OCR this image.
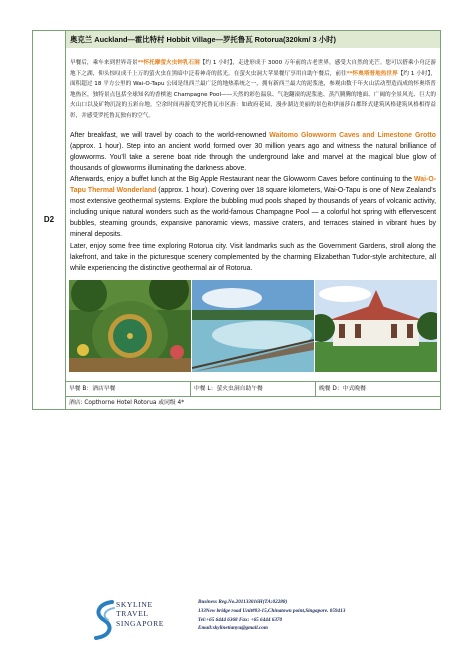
D2	
奥克兰 Auckland—霍比特村 Hobbit Village—罗托鲁瓦 Rotorua(320km/ 3 小时)

早餐后，乘车来到世界奇景**怀托摩萤火虫钟乳石洞【约 1 小时】，走进形成于 3000 万年前的古老世界，感受大自然的光芒。您可以搭乘小舟泛游地下之湖，仰头惊叹成千上万的萤火虫在黑暗中泛着神奇的蓝光。在萤火虫洞大苹果餐厅享用自助午餐后，前往**怀奥塔普地热世界【约 1 小时】，面积超过 18 平方公里的 Wai-O-Tapu 公园是纽西兰最广泛的地热系统之一，拥有新西兰最大的泥浆池，参观由数千年火山活动塑造而成的怀奥塔普地热区，独特景点包括全球知名的香槟池 Champagne Pool——天然的彩色温泉、气泡翻滚的泥浆池、蒸汽腾腾的地面、广阔的全景风光、巨大的火山口以及矿物沉淀的五彩台地。空余时间再游览罗托鲁瓦市区游：如政府花园，漫步湖边美丽的景色和伊丽莎白都铎式建筑风格建筑风格相得益彰，并感受罗托鲁瓦独有的空气。

After breakfast, we will travel by coach to the world-renowned Waitomo Glowworm Caves and Limestone Grotto (approx. 1 hour). Step into an ancient world formed over 30 million years ago and witness the natural brilliance of glowworms. You’ll take a serene boat ride through the underground lake and marvel at the magical blue glow of thousands of glowworms illuminating the darkness above.

Afterwards, enjoy a buffet lunch at the Big Apple Restaurant near the Glowworm Caves before continuing to the Wai-O-Tapu Thermal Wonderland (approx. 1 hour). Covering over 18 square kilometers, Wai-O-Tapu is one of New Zealand’s most extensive geothermal systems. Explore the bubbling mud pools shaped by thousands of years of volcanic activity, including unique natural wonders such as the world-famous Champagne Pool — a colorful hot spring with effervescent bubbles, steaming grounds, expansive panoramic views, massive craters, and terraces stained in vibrant hues by mineral deposits.

Later, enjoy some free time exploring Rotorua city. Visit landmarks such as the Government Gardens, stroll along the lakefront, and take in the picturesque scenery complemented by the charming Elizabethan Tudor-style architecture, all while experiencing the distinctive geothermal air of Rotorua.

早餐 B：酒店早餐	中餐 L：萤火虫洞自助午餐	晚餐 D：中式晚餐
酒店: Copthorne Hotel Rotorua 或同级 4*
SKYLINE
TRAVEL
SINGAPORE
Business Reg.No.201133016H(TA:02288)
133New bridge road Unit#03-15,Chinatown point,Singapore. 059413
Tel:+65 6444 6368 Fax: +65 6444 6370
Email:skylinetianyu@gmail.com
